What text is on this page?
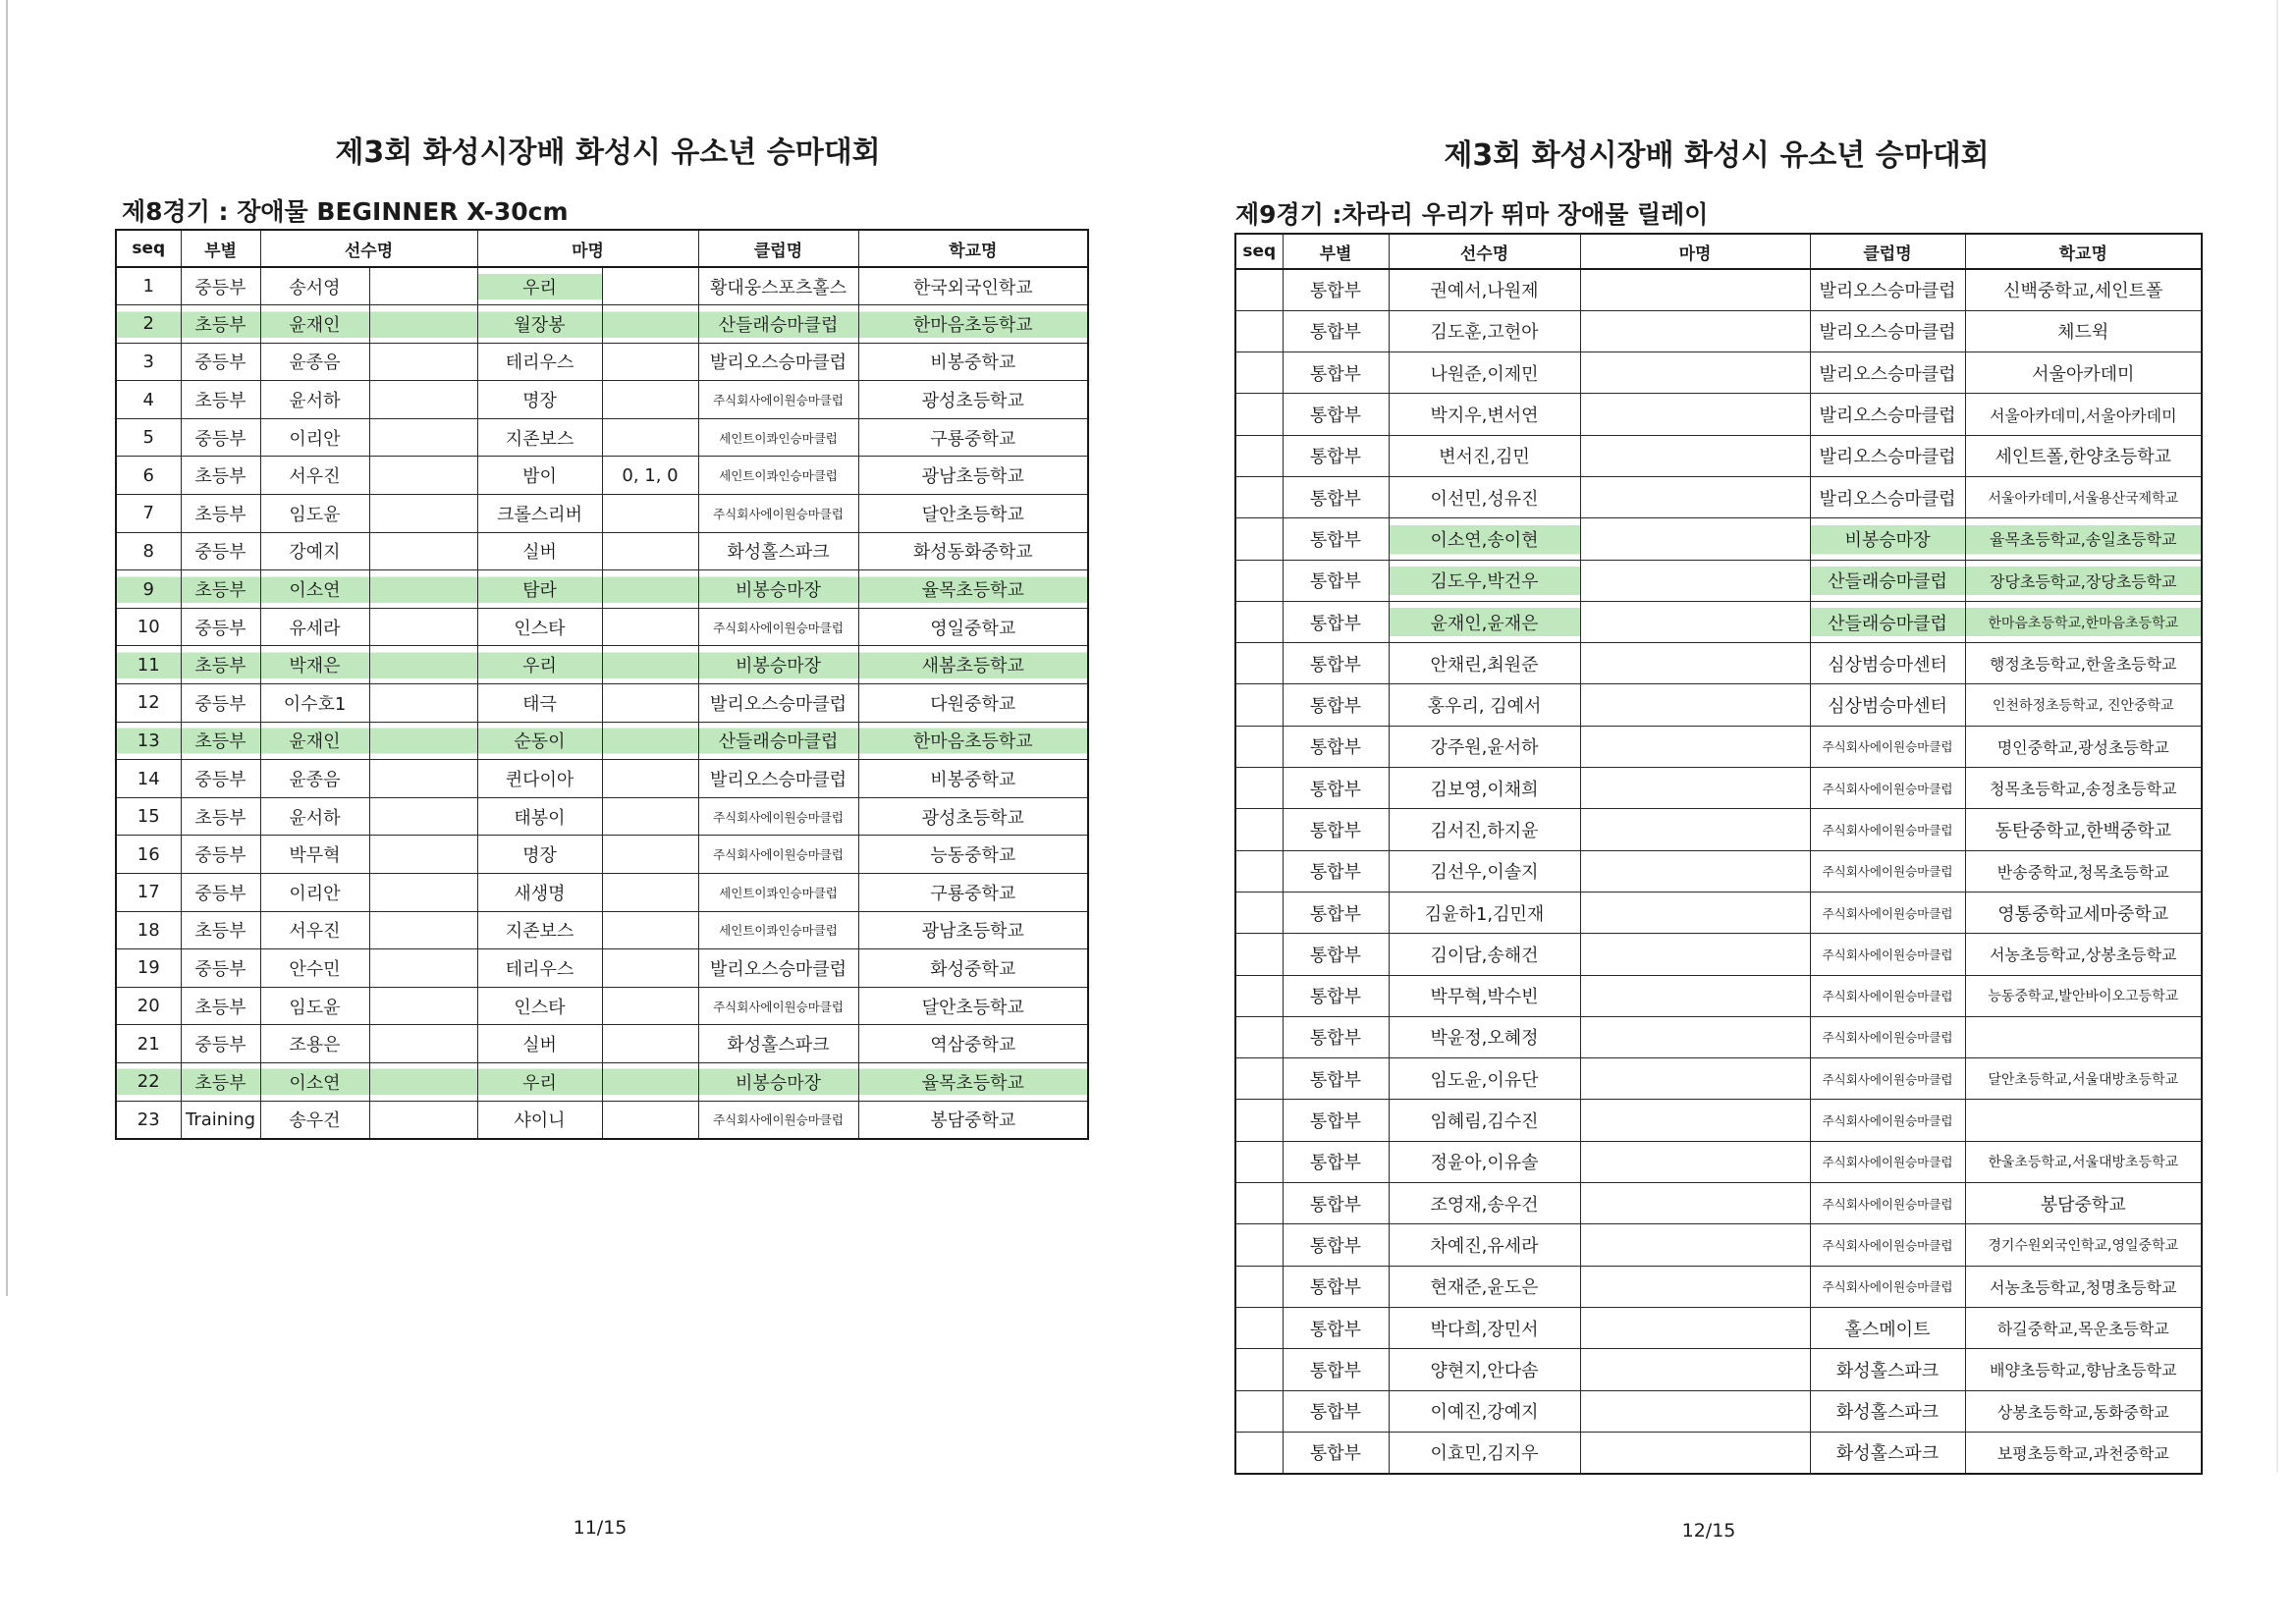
제3회 화성시장배 화성시 유소년 승마대회
제8경기 : 장애물 BEGINNER X-30cm
seq	부별	선수명		마명		클럽명	학교명
1	중등부	송서영		우리		황대웅스포츠홀스	한국외국인학교
2	초등부	윤재인		월장봉		산들래승마클럽	한마음초등학교
3	중등부	윤종음		테리우스		발리오스승마클럽	비봉중학교
4	초등부	윤서하		명장		주식회사에이원승마클럽	광성초등학교
5	중등부	이리안		지존보스		세인트이콰인승마클럽	구룡중학교
6	초등부	서우진		밤이	0, 1, 0	세인트이콰인승마클럽	광남초등학교
7	초등부	임도윤		크롤스리버		주식회사에이원승마클럽	달안초등학교
8	중등부	강예지		실버		화성홀스파크	화성동화중학교
9	초등부	이소연		탐라		비봉승마장	율목초등학교
10	중등부	유세라		인스타		주식회사에이원승마클럽	영일중학교
11	초등부	박재은		우리		비봉승마장	새봄초등학교
12	중등부	이수호1		태극		발리오스승마클럽	다원중학교
13	초등부	윤재인		순동이		산들래승마클럽	한마음초등학교
14	중등부	윤종음		퀸다이아		발리오스승마클럽	비봉중학교
15	초등부	윤서하		태봉이		주식회사에이원승마클럽	광성초등학교
16	중등부	박무혁		명장		주식회사에이원승마클럽	능동중학교
17	중등부	이리안		새생명		세인트이콰인승마클럽	구룡중학교
18	초등부	서우진		지존보스		세인트이콰인승마클럽	광남초등학교
19	중등부	안수민		테리우스		발리오스승마클럽	화성중학교
20	초등부	임도윤		인스타		주식회사에이원승마클럽	달안초등학교
21	중등부	조용은		실버		화성홀스파크	역삼중학교
22	초등부	이소연		우리		비봉승마장	율목초등학교
23	Training	송우건		샤이니		주식회사에이원승마클럽	봉담중학교
11/15
제3회 화성시장배 화성시 유소년 승마대회
제9경기 :차라리 우리가 뛰마 장애물 릴레이
seq	부별	선수명	마명	클럽명	학교명
	통합부	권예서,나원제		발리오스승마클럽	신백중학교,세인트폴
	통합부	김도훈,고헌아		발리오스승마클럽	체드윅
	통합부	나원준,이제민		발리오스승마클럽	서울아카데미
	통합부	박지우,변서연		발리오스승마클럽	서울아카데미,서울아카데미
	통합부	변서진,김민		발리오스승마클럽	세인트폴,한양초등학교
	통합부	이선민,성유진		발리오스승마클럽	서울아카데미,서울용산국제학교
	통합부	이소연,송이현		비봉승마장	율목초등학교,송일초등학교
	통합부	김도우,박건우		산들래승마클럽	장당초등학교,장당초등학교
	통합부	윤재인,윤재은		산들래승마클럽	한마음초등학교,한마음초등학교
	통합부	안채린,최원준		심상범승마센터	행정초등학교,한울초등학교
	통합부	홍우리, 김예서		심상범승마센터	인천하정초등학교, 진안중학교
	통합부	강주원,윤서하		주식회사에이원승마클럽	명인중학교,광성초등학교
	통합부	김보영,이채희		주식회사에이원승마클럽	청목초등학교,송정초등학교
	통합부	김서진,하지윤		주식회사에이원승마클럽	동탄중학교,한백중학교
	통합부	김선우,이솔지		주식회사에이원승마클럽	반송중학교,청목초등학교
	통합부	김윤하1,김민재		주식회사에이원승마클럽	영통중학교세마중학교
	통합부	김이담,송해건		주식회사에이원승마클럽	서농초등학교,상봉초등학교
	통합부	박무혁,박수빈		주식회사에이원승마클럽	능동중학교,발안바이오고등학교
	통합부	박윤정,오혜정		주식회사에이원승마클럽	
	통합부	임도윤,이유단		주식회사에이원승마클럽	달안초등학교,서울대방초등학교
	통합부	임혜림,김수진		주식회사에이원승마클럽	
	통합부	정윤아,이유솔		주식회사에이원승마클럽	한울초등학교,서울대방초등학교
	통합부	조영재,송우건		주식회사에이원승마클럽	봉담중학교
	통합부	차예진,유세라		주식회사에이원승마클럽	경기수원외국인학교,영일중학교
	통합부	현재준,윤도은		주식회사에이원승마클럽	서농초등학교,청명초등학교
	통합부	박다희,장민서		홀스메이트	하길중학교,목운초등학교
	통합부	양현지,안다솜		화성홀스파크	배양초등학교,향남초등학교
	통합부	이예진,강예지		화성홀스파크	상봉초등학교,동화중학교
	통합부	이효민,김지우		화성홀스파크	보평초등학교,과천중학교
12/15
